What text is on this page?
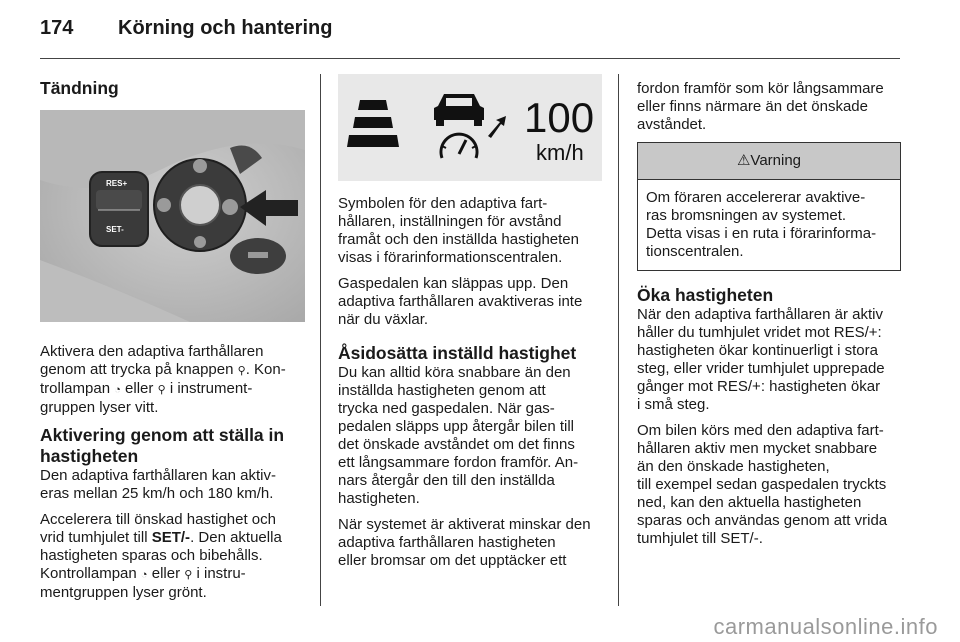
174 Körning och hantering
Tändning
RES+
SET-

Aktivera den adaptiva farthållaren
genom att trycka på knappen ⚲. Kon-
trollampan ◔ eller ⚲ i instrument-
gruppen lyser vitt.

Aktivering genom att ställa in
hastigheten

Den adaptiva farthållaren kan aktiv-
eras mellan 25 km/h och 180 km/h.

Accelerera till önskad hastighet och
vrid tumhjulet till SET/-. Den aktuella
hastigheten sparas och bibehålls.
Kontrollampan ◔ eller ⚲ i instru-
mentgruppen lyser grönt.

100
km/h

Symbolen för den adaptiva fart-
hållaren, inställningen för avstånd
framåt och den inställda hastigheten
visas i förarinformationscentralen.

Gaspedalen kan släppas upp. Den
adaptiva farthållaren avaktiveras inte
när du växlar.

Åsidosätta inställd hastighet

Du kan alltid köra snabbare än den
inställda hastigheten genom att
trycka ned gaspedalen. När gas-
pedalen släpps upp återgår bilen till
det önskade avståndet om det finns
ett långsammare fordon framför. An-
nars återgår den till den inställda
hastigheten.

När systemet är aktiverat minskar den
adaptiva farthållaren hastigheten
eller bromsar om det upptäcker ett

fordon framför som kör långsammare
eller finns närmare än det önskade
avståndet.

⚠ Varning
Om föraren accelererar avaktive-
ras bromsningen av systemet.
Detta visas i en ruta i förarinforma-
tionscentralen.
Öka hastigheten

När den adaptiva farthållaren är aktiv
håller du tumhjulet vridet mot RES/+:
hastigheten ökar kontinuerligt i stora
steg, eller vrider tumhjulet upprepade
gånger mot RES/+: hastigheten ökar
i små steg.

Om bilen körs med den adaptiva fart-
hållaren aktiv men mycket snabbare
än den önskade hastigheten,
till exempel sedan gaspedalen tryckts
ned, kan den aktuella hastigheten
sparas och användas genom att vrida
tumhjulet till SET/-.

carmanualsonline.info
